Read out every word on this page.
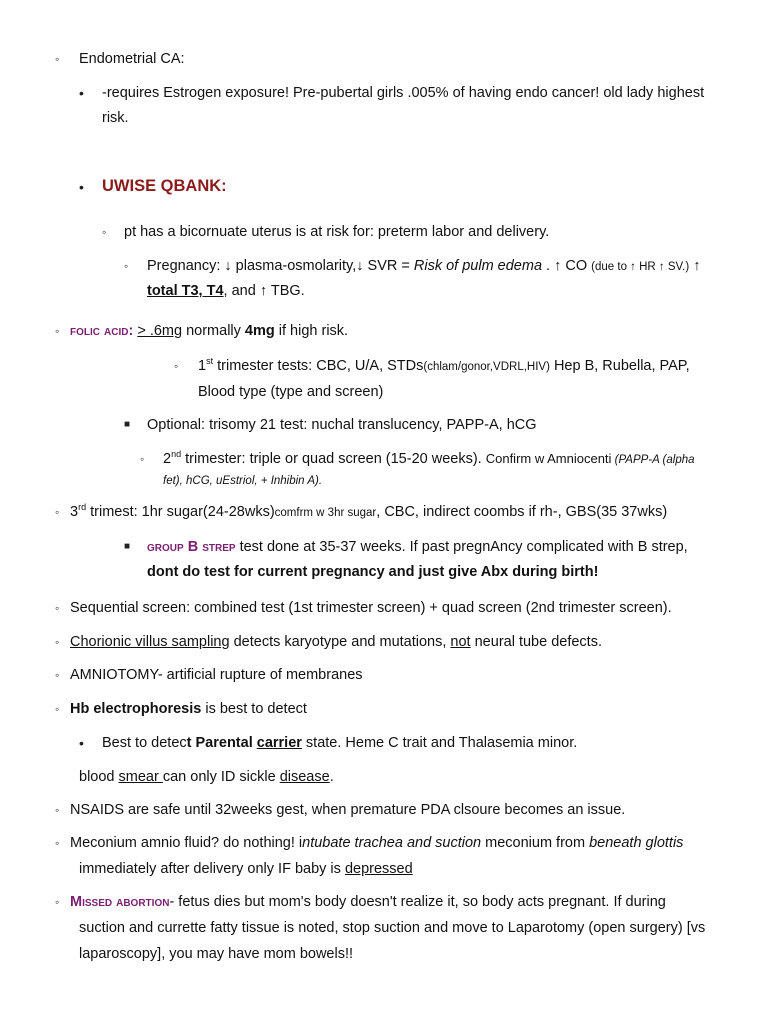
◦ Endometrial CA:
• -requires Estrogen exposure! Pre-pubertal girls .005% of having endo cancer! old lady highest
risk.
• UWISE QBANK:
◦ pt has a bicornuate uterus is at risk for: preterm labor and delivery.
◦ Pregnancy: ↓ plasma-osmolarity,↓ SVR = Risk of pulm edema . ↑ CO (due to ↑ HR ↑ SV.) ↑
total T3, T4, and ↑ TBG.
◦ folic acid: > .6mg normally 4mg if high risk.
◦ 1st trimester tests: CBC, U/A, STDs(chlam/gonor,VDRL,HIV) Hep B, Rubella, PAP,
Blood type (type and screen)
■ Optional: trisomy 21 test: nuchal translucency, PAPP-A, hCG
◦ 2nd trimester: triple or quad screen (15-20 weeks). Confirm w Amniocenti (PAPP-A (alpha
fet), hCG, uEstriol, + Inhibin A).
◦ 3rd trimest: 1hr sugar(24-28wks)comfrm w 3hr sugar, CBC, indirect coombs if rh-, GBS(35 37wks)
■ group B strep test done at 35-37 weeks. If past pregnAncy complicated with B strep,
dont do test for current pregnancy and just give Abx during birth!
◦ Sequential screen: combined test (1st trimester screen) + quad screen (2nd trimester screen).
◦ Chorionic villus sampling detects karyotype and mutations, not neural tube defects.
◦ AMNIOTOMY- artificial rupture of membranes
◦ Hb electrophoresis is best to detect
• Best to detect Parental carrier state. Heme C trait and Thalasemia minor.
blood smear can only ID sickle disease.
◦ NSAIDS are safe until 32weeks gest, when premature PDA clsoure becomes an issue.
◦ Meconium amnio fluid? do nothing! intubate trachea and suction meconium from beneath glottis
immediately after delivery only IF baby is depressed
◦ Missed abortion- fetus dies but mom's body doesn't realize it, so body acts pregnant. If during
suction and currette fatty tissue is noted, stop suction and move to Laparotomy (open surgery) [vs
laparoscopy], you may have mom bowels!!
